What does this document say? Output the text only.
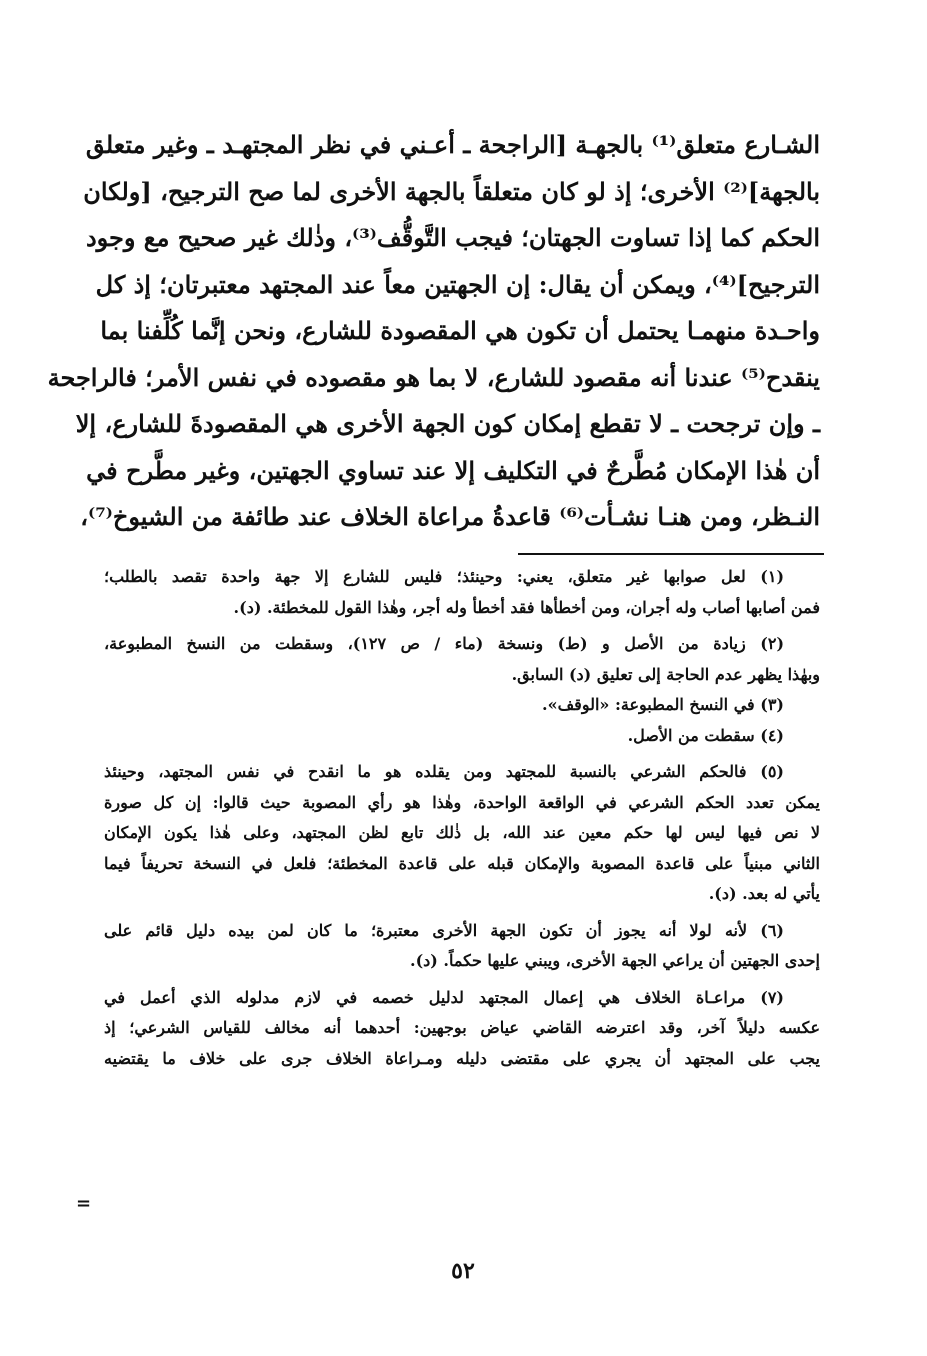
الشـارع متعلق⁽¹⁾ بالجهـة [الراجحة ـ أعـني في نظر المجتهـد ـ وغير متعلق
بالجهة]⁽²⁾ الأخرى؛ إذ لو كان متعلقاً بالجهة الأخرى لما صح الترجيح، [ولكان
الحكم كما إذا تساوت الجهتان؛ فيجب التَّوقُّف⁽³⁾، وذٰلك غير صحيح مع وجود
الترجيح]⁽⁴⁾، ويمكن أن يقال: إن الجهتين معاً عند المجتهد معتبرتان؛ إذ كل
واحـدة منهمـا يحتمل أن تكون هي المقصودة للشارع، ونحن إنَّما كُلِّفنا بما
ينقدح⁽⁵⁾ عندنا أنه مقصود للشارع، لا بما هو مقصوده في نفس الأمر؛ فالراجحة
ـ وإن ترجحت ـ لا تقطع إمكان كون الجهة الأخرى هي المقصودةَ للشارع، إلا
أن هٰذا الإمكان مُطَّرحٌ في التكليف إلا عند تساوي الجهتين، وغير مطَّرح في
النـظر، ومن هنـا نشـأت⁽⁶⁾ قاعدةُ مراعاة الخلاف عند طائفة من الشيوخ⁽⁷⁾،
(١) لعل صوابها غير متعلق، يعني: وحينئذ؛ فليس للشارع إلا جهة واحدة تقصد بالطلب؛
فمن أصابها أصاب وله أجران، ومن أخطأها فقد أخطأ وله أجر، وهٰذا القول للمخطئة. (د).
(٢) زيادة من الأصل و (ط) ونسخة (ماء / ص ١٢٧)، وسقطت من النسخ المطبوعة،
وبهٰذا يظهر عدم الحاجة إلى تعليق (د) السابق.
(٣) في النسخ المطبوعة: «الوقف».
(٤) سقطت من الأصل.
(٥) فالحكم الشرعي بالنسبة للمجتهد ومن يقلده هو ما انقدح في نفس المجتهد، وحينئذ
يمكن تعدد الحكم الشرعي في الواقعة الواحدة، وهٰذا هو رأي المصوبة حيث قالوا: إن كل صورة
لا نص فيها ليس لها حكم معين عند الله، بل ذٰلك تابع لظن المجتهد، وعلى هٰذا يكون الإمكان
الثاني مبنياً على قاعدة المصوبة والإمكان قبله على قاعدة المخطئة؛ فلعل في النسخة تحريفاً فيما
يأتي له بعد. (د).
(٦) لأنه لولا أنه يجوز أن تكون الجهة الأخرى معتبرة؛ ما كان لمن بيده دليل قائم على
إحدى الجهتين أن يراعي الجهة الأخرى، ويبني عليها حكماً. (د).
(٧) مراعـاة الخلاف هي إعمال المجتهد لدليل خصمه في لازم مدلوله الذي أعمل في
عكسه دليلاً آخر، وقد اعترضه القاضي عياض بوجهين: أحدهما أنه مخالف للقياس الشرعي؛ إذ
يجب على المجتهد أن يجري على مقتضى دليله ومـراعاة الخلاف جرى على خلاف ما يقتضيه
=
٥٢
